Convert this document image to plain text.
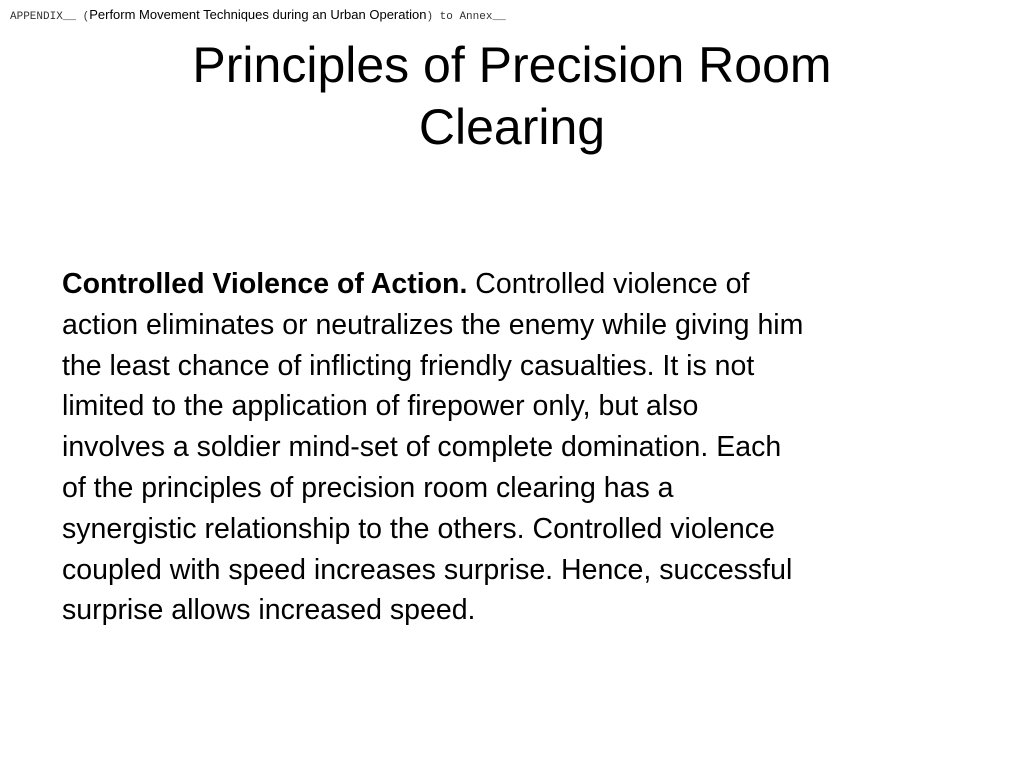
APPENDIX__ (Perform Movement Techniques during an Urban Operation) to Annex__
Principles of Precision Room
Clearing
Controlled Violence of Action. Controlled violence of
action eliminates or neutralizes the enemy while giving him
the least chance of inflicting friendly casualties. It is not
limited to the application of firepower only, but also
involves a soldier mind-set of complete domination. Each
of the principles of precision room clearing has a
synergistic relationship to the others. Controlled violence
coupled with speed increases surprise. Hence, successful
surprise allows increased speed.
